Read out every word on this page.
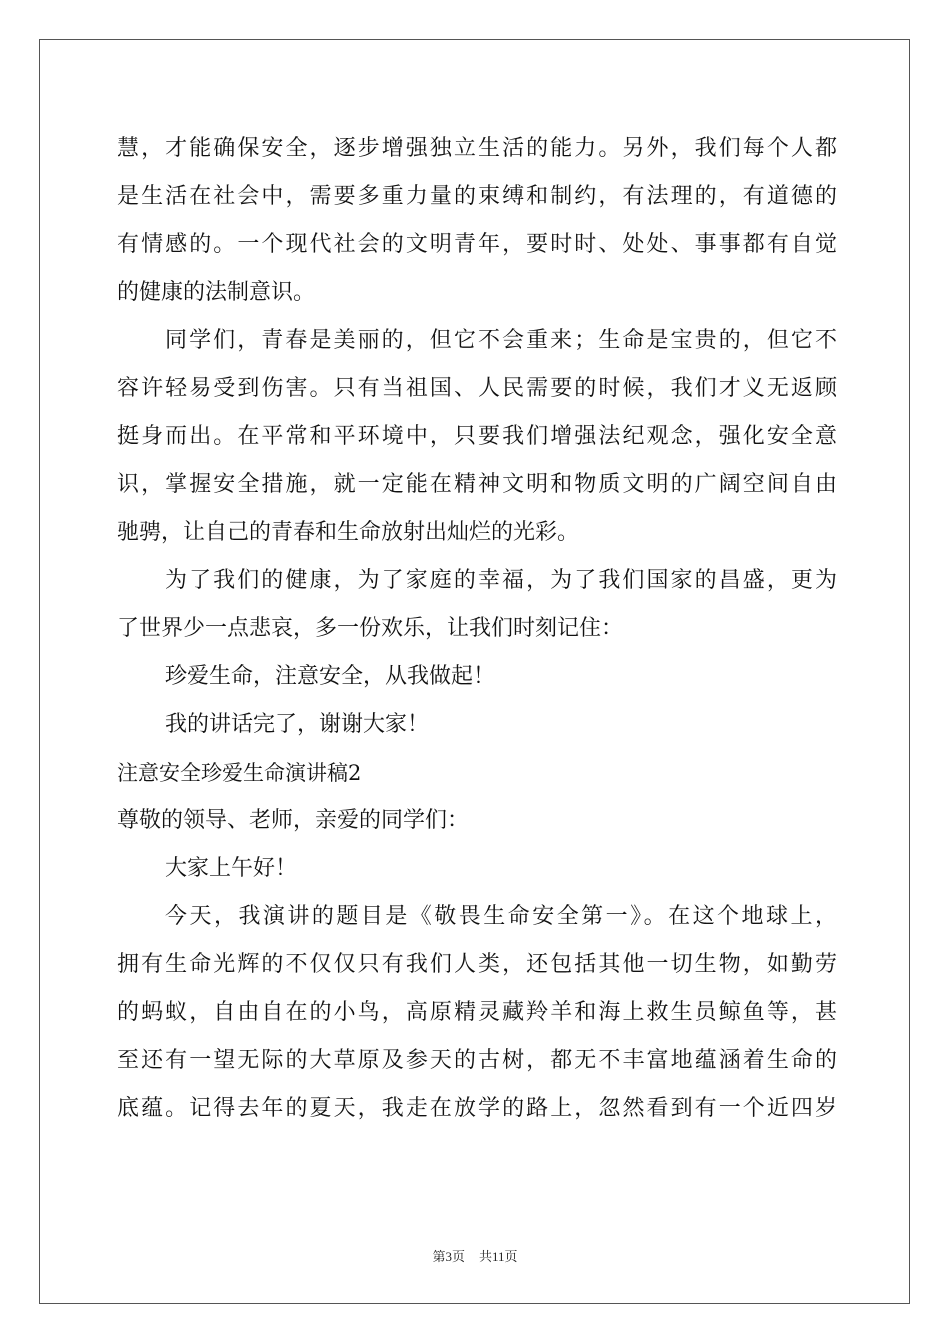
慧，才能确保安全，逐步增强独立生活的能力。另外，我们每个人都
是生活在社会中，需要多重力量的束缚和制约，有法理的，有道德的
有情感的。一个现代社会的文明青年，要时时、处处、事事都有自觉
的健康的法制意识。
同学们，青春是美丽的，但它不会重来；生命是宝贵的，但它不
容许轻易受到伤害。只有当祖国、人民需要的时候，我们才义无返顾
挺身而出。在平常和平环境中，只要我们增强法纪观念，强化安全意
识，掌握安全措施，就一定能在精神文明和物质文明的广阔空间自由
驰骋，让自己的青春和生命放射出灿烂的光彩。
为了我们的健康，为了家庭的幸福，为了我们国家的昌盛，更为
了世界少一点悲哀，多一份欢乐，让我们时刻记住：
珍爱生命，注意安全，从我做起！
我的讲话完了，谢谢大家！
注意安全珍爱生命演讲稿2
尊敬的领导、老师，亲爱的同学们：
大家上午好！
今天，我演讲的题目是《敬畏生命安全第一》。在这个地球上，
拥有生命光辉的不仅仅只有我们人类，还包括其他一切生物，如勤劳
的蚂蚁，自由自在的小鸟，高原精灵藏羚羊和海上救生员鲸鱼等，甚
至还有一望无际的大草原及参天的古树，都无不丰富地蕴涵着生命的
底蕴。记得去年的夏天，我走在放学的路上，忽然看到有一个近四岁
第3页 共11页
